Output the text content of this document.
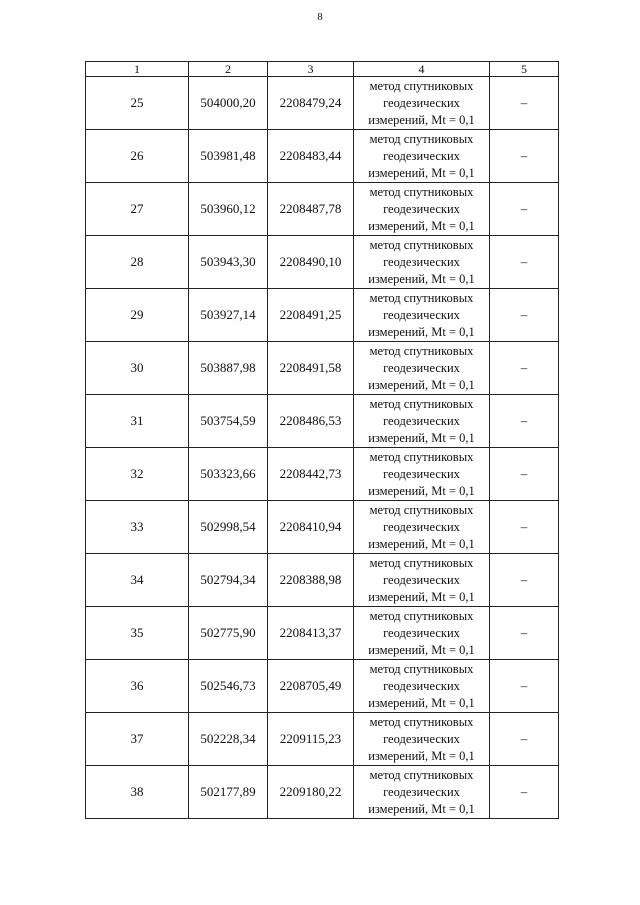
8
1	2	3	4	5
25	504000,20	2208479,24	метод спутниковых
геодезических
измерений, Mt = 0,1	–
26	503981,48	2208483,44	метод спутниковых
геодезических
измерений, Mt = 0,1	–
27	503960,12	2208487,78	метод спутниковых
геодезических
измерений, Mt = 0,1	–
28	503943,30	2208490,10	метод спутниковых
геодезических
измерений, Mt = 0,1	–
29	503927,14	2208491,25	метод спутниковых
геодезических
измерений, Mt = 0,1	–
30	503887,98	2208491,58	метод спутниковых
геодезических
измерений, Mt = 0,1	–
31	503754,59	2208486,53	метод спутниковых
геодезических
измерений, Mt = 0,1	–
32	503323,66	2208442,73	метод спутниковых
геодезических
измерений, Mt = 0,1	–
33	502998,54	2208410,94	метод спутниковых
геодезических
измерений, Mt = 0,1	–
34	502794,34	2208388,98	метод спутниковых
геодезических
измерений, Mt = 0,1	–
35	502775,90	2208413,37	метод спутниковых
геодезических
измерений, Mt = 0,1	–
36	502546,73	2208705,49	метод спутниковых
геодезических
измерений, Mt = 0,1	–
37	502228,34	2209115,23	метод спутниковых
геодезических
измерений, Mt = 0,1	–
38	502177,89	2209180,22	метод спутниковых
геодезических
измерений, Mt = 0,1	–
